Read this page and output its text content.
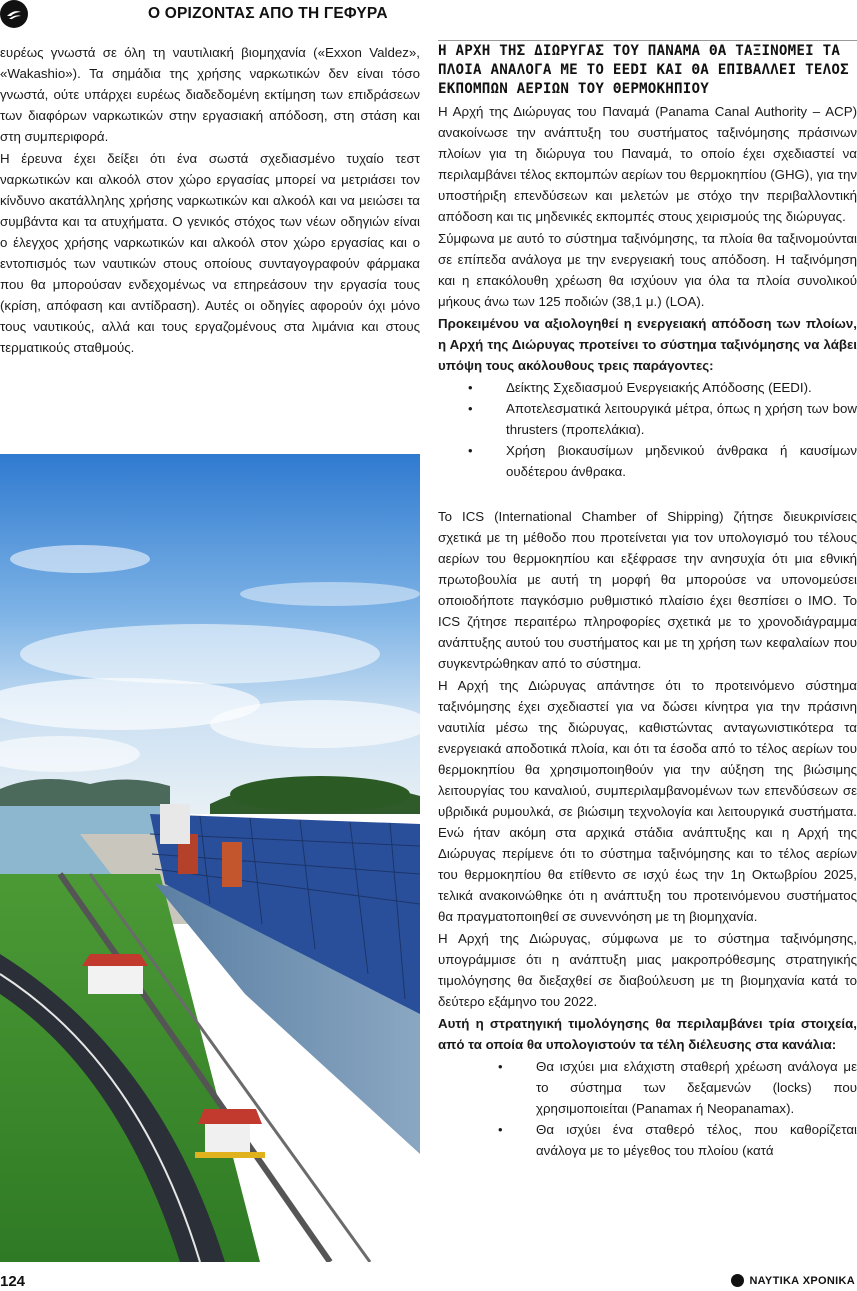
Ο ΟΡΙΖΟΝΤΑΣ ΑΠΟ ΤΗ ΓΕΦΥΡΑ

ευρέως γνωστά σε όλη τη ναυτιλιακή βιομηχανία («Exxon Valdez», «Wakashio»). Τα σημάδια της χρήσης ναρκωτικών δεν είναι τόσο γνωστά, ούτε υπάρχει ευρέως διαδεδομένη εκτίμηση των επιδράσεων των διαφόρων ναρκωτικών στην εργασιακή απόδοση, στη στάση και στη συμπεριφορά.

Η έρευνα έχει δείξει ότι ένα σωστά σχεδιασμένο τυχαίο τεστ ναρκωτικών και αλκοόλ στον χώρο εργασίας μπορεί να μετριάσει τον κίνδυνο ακατάλληλης χρήσης ναρκωτικών και αλκοόλ και να μειώσει τα συμβάντα και τα ατυχήματα. Ο γενικός στόχος των νέων οδηγιών είναι ο έλεγχος χρήσης ναρκωτικών και αλκοόλ στον χώρο εργασίας και ο εντοπισμός των ναυτικών στους οποίους συνταγογραφούν φάρμακα που θα μπορούσαν ενδεχομένως να επηρεάσουν την εργασία τους (κρίση, απόφαση και αντίδραση). Αυτές οι οδηγίες αφορούν όχι μόνο τους ναυτικούς, αλλά και τους εργαζομένους στα λιμάνια και στους τερματικούς σταθμούς.

Η ΑΡΧΗ ΤΗΣ ΔΙΩΡΥΓΑΣ ΤΟΥ ΠΑΝΑΜΑ ΘΑ ΤΑΞΙΝΟΜΕΙ ΤΑ ΠΛΟΙΑ ΑΝΑΛΟΓΑ ΜΕ ΤΟ EEDI ΚΑΙ ΘΑ ΕΠΙΒΑΛΛΕΙ ΤΕΛΟΣ ΕΚΠΟΜΠΩΝ ΑΕΡΙΩΝ ΤΟΥ ΘΕΡΜΟΚΗΠΙΟΥ

Η Αρχή της Διώρυγας του Παναμά (Panama Canal Authority – ACP) ανακοίνωσε την ανάπτυξη του συστήματος ταξινόμησης πράσινων πλοίων για τη διώρυγα του Παναμά, το οποίο έχει σχεδιαστεί να περιλαμβάνει τέλος εκπομπών αερίων του θερμοκηπίου (GHG), για την υποστήριξη επενδύσεων και μελετών με στόχο την περιβαλλοντική απόδοση και τις μηδενικές εκπομπές στους χειρισμούς της διώρυγας.

Σύμφωνα με αυτό το σύστημα ταξινόμησης, τα πλοία θα ταξινομούνται σε επίπεδα ανάλογα με την ενεργειακή τους απόδοση. Η ταξινόμηση και η επακόλουθη χρέωση θα ισχύουν για όλα τα πλοία συνολικού μήκους άνω των 125 ποδιών (38,1 μ.) (LOA).

Προκειμένου να αξιολογηθεί η ενεργειακή απόδοση των πλοίων, η Αρχή της Διώρυγας προτείνει το σύστημα ταξινόμησης να λάβει υπόψη τους ακόλουθους τρεις παράγοντες:

• Δείκτης Σχεδιασμού Ενεργειακής Απόδοσης (EEDI).
• Αποτελεσματικά λειτουργικά μέτρα, όπως η χρήση των bow thrusters (προπελάκια).
• Χρήση βιοκαυσίμων μηδενικού άνθρακα ή καυσίμων ουδέτερου άνθρακα.

Το ICS (International Chamber of Shipping) ζήτησε διευκρινίσεις σχετικά με τη μέθοδο που προτείνεται για τον υπολογισμό του τέλους αερίων του θερμοκηπίου και εξέφρασε την ανησυχία ότι μια εθνική πρωτοβουλία με αυτή τη μορφή θα μπορούσε να υπονομεύσει οποιοδήποτε παγκόσμιο ρυθμιστικό πλαίσιο έχει θεσπίσει ο IMO. Το ICS ζήτησε περαιτέρω πληροφορίες σχετικά με το χρονοδιάγραμμα ανάπτυξης αυτού του συστήματος και με τη χρήση των κεφαλαίων που συγκεντρώθηκαν από το σύστημα.

Η Αρχή της Διώρυγας απάντησε ότι το προτεινόμενο σύστημα ταξινόμησης έχει σχεδιαστεί για να δώσει κίνητρα για την πράσινη ναυτιλία μέσω της διώρυγας, καθιστώντας ανταγωνιστικότερα τα ενεργειακά αποδοτικά πλοία, και ότι τα έσοδα από το τέλος αερίων του θερμοκηπίου θα χρησιμοποιηθούν για την αύξηση της βιώσιμης λειτουργίας του καναλιού, συμπεριλαμβανομένων των επενδύσεων σε υβριδικά ρυμουλκά, σε βιώσιμη τεχνολογία και λειτουργικά συστήματα. Ενώ ήταν ακόμη στα αρχικά στάδια ανάπτυξης και η Αρχή της Διώρυγας περίμενε ότι το σύστημα ταξινόμησης και το τέλος αερίων του θερμοκηπίου θα ετίθεντο σε ισχύ έως την 1η Οκτωβρίου 2025, τελικά ανακοινώθηκε ότι η ανάπτυξη του προτεινόμενου συστήματος θα πραγματοποιηθεί σε συνεννόηση με τη βιομηχανία.

Η Αρχή της Διώρυγας, σύμφωνα με το σύστημα ταξινόμησης, υπογράμμισε ότι η ανάπτυξη μιας μακροπρόθεσμης στρατηγικής τιμολόγησης θα διεξαχθεί σε διαβούλευση με τη βιομηχανία κατά το δεύτερο εξάμηνο του 2022.

Αυτή η στρατηγική τιμολόγησης θα περιλαμβάνει τρία στοιχεία, από τα οποία θα υπολογιστούν τα τέλη διέλευσης στα κανάλια:

• Θα ισχύει μια ελάχιστη σταθερή χρέωση ανάλογα με το σύστημα των δεξαμενών (locks) που χρησιμοποιείται (Panamax ή Neopanamax).
• Θα ισχύει ένα σταθερό τέλος, που καθορίζεται ανάλογα με το μέγεθος του πλοίου (κατά
124	ΝΑΥΤΙΚΑ ΧΡΟΝΙΚΑ
